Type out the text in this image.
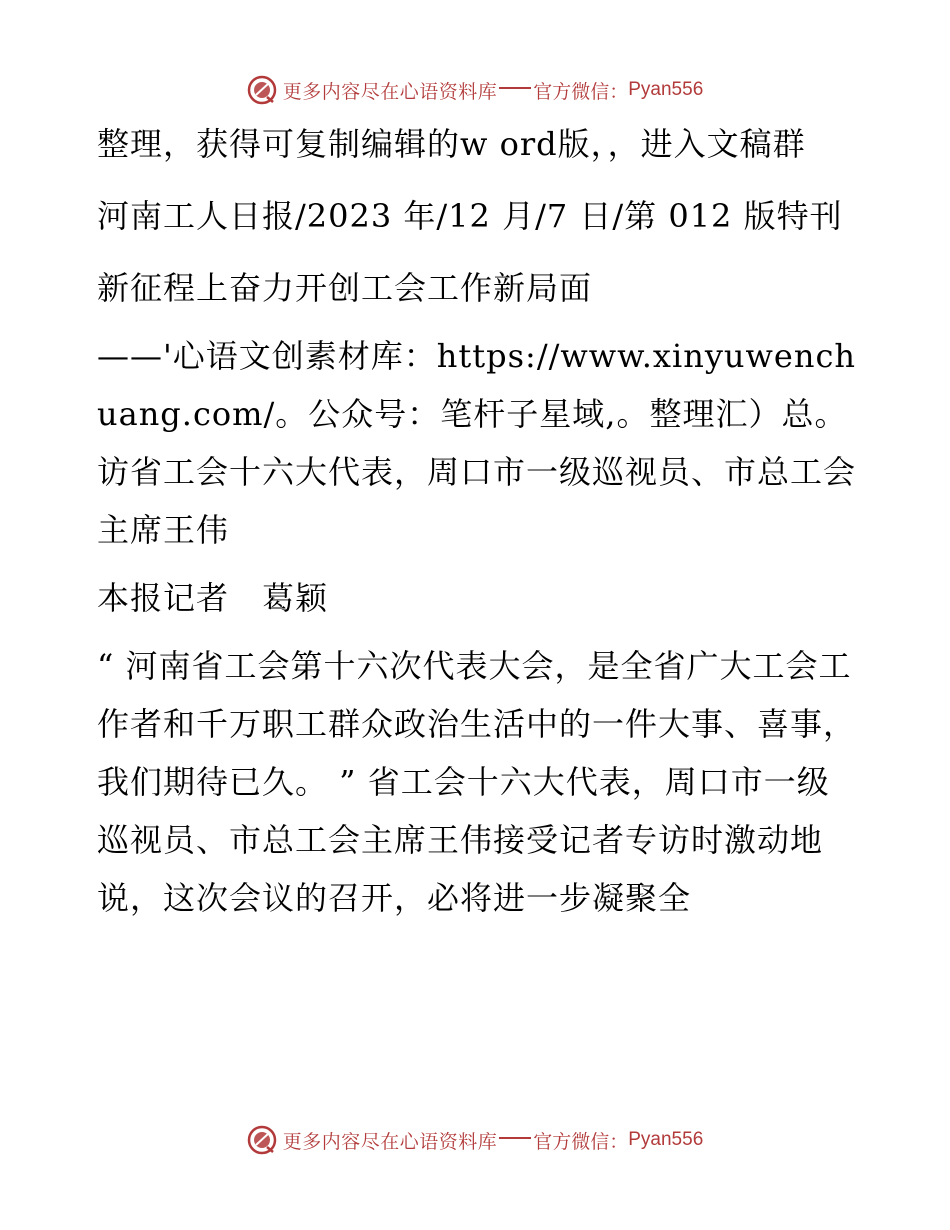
更多内容尽在心语资料库 官方微信： Pyan556

整理，获得可复制编辑的w ord版，，进入文稿群

河南工人日报/2023 年/12 月/7 日/第 012 版特刊

新征程上奋力开创工会工作新局面

——'心语文创素材库：https://www.xinyuwenchuang.com/。公众号：笔杆子星域,。整理汇）总。访省工会十六大代表，周口市一级巡视员、市总工会主席王伟

本报记者　葛颖

“ 河南省工会第十六次代表大会，是全省广大工会工作者和千万职工群众政治生活中的一件大事、喜事，我们期待已久。 ” 省工会十六大代表，周口市一级巡视员、市总工会主席王伟接受记者专访时激动地说，这次会议的召开，必将进一步凝聚全

更多内容尽在心语资料库 官方微信： Pyan556
